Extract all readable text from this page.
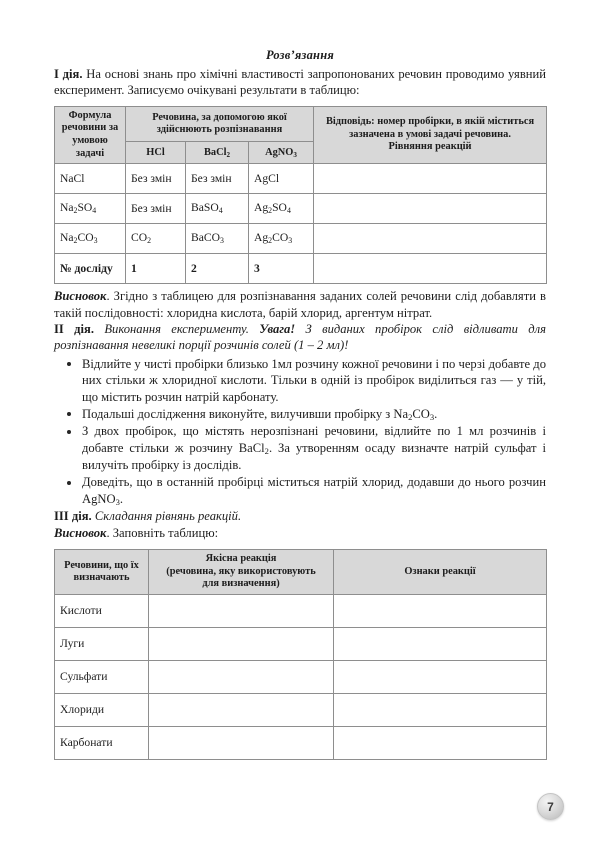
Розв’язання

I дія. На основі знань про хімічні властивості запропонованих речовин проводимо уявний експеримент. Записуємо очікувані результати в таблицю:

Формула речовини за умовою задачі	Речовина, за допомогою якої здійснюють розпізнавання			Відповідь: номер пробірки, в якій міститься зазначена в умові задачі речовина.
Рівняння реакцій
	HCl	BaCl$_2$	AgNO$_3$
NaCl	Без змін	Без змін	AgCl	
$Na_2SO_4$	Без змін	BaSO$_4$	$Ag_2SO_4$	
$Na_2CO_3$	$CO_2$	BaCO$_3$	$Ag_2CO_3$	
№ досліду	1	2	3	

Висновок. Згідно з таблицею для розпізнавання заданих солей речовини слід добавляти в такій послідовності: хлоридна кислота, барій хлорид, аргентум нітрат.

II дія. Виконання експерименту. Увага! З виданих пробірок слід відливати для розпізнавання невеликі порції розчинів солей (1 – 2 мл)!

Відлийте у чисті пробірки близько 1мл розчину кожної речовини і по черзі добавте до них стільки ж хлоридної кислоти. Тільки в одній із пробірок виділиться газ — у тій, що містить розчин натрій карбонату.
Подальші дослідження виконуйте, вилучивши пробірку з $Na_2CO_3$.
З двох пробірок, що містять нерозпізнані речовини, відлийте по 1 мл розчинів і добавте стільки ж розчину BaCl$_2$. За утворенням осаду визначте натрій сульфат і вилучіть пробірку із дослідів.
Доведіть, що в останній пробірці міститься натрій хлорид, додавши до нього розчин AgNO$_3$.

III дія. Складання рівнянь реакцій.

Висновок. Заповніть таблицю:

Речовини, що їх визначають	Якісна реакція
(речовина, яку використовують
для визначення)	Ознаки реакції
Кислоти		
Луги		
Сульфати		
Хлориди		
Карбонати		
7
